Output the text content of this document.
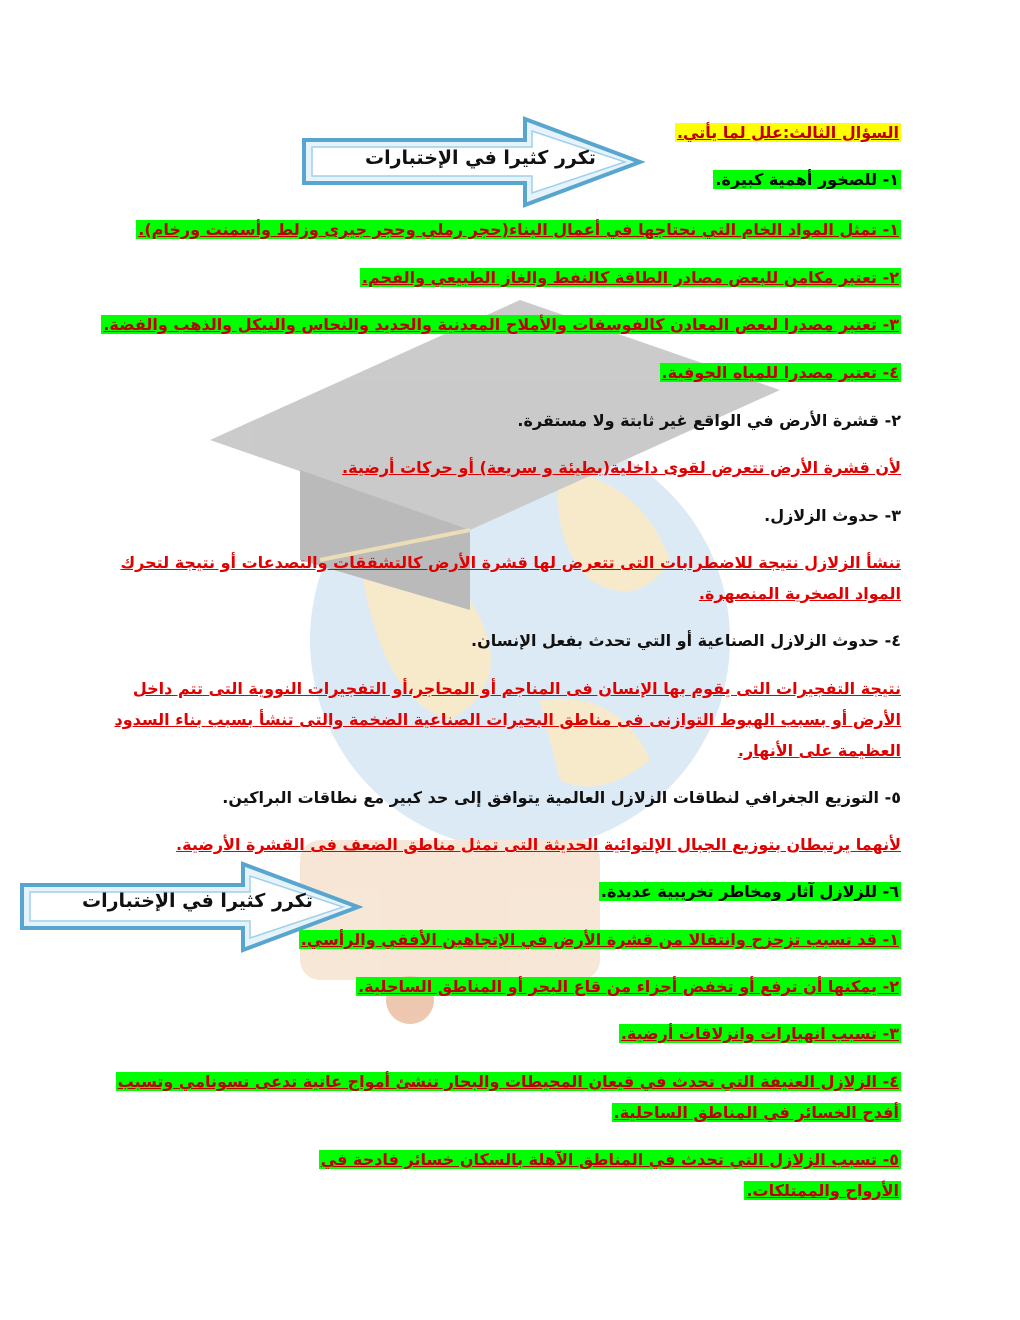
تكرر كثيرا في الإختبارات
تكرر كثيرا في الإختبارات
السؤال الثالث:علل لما يأتي.
١- للصخور أهمية كبيرة.
١- تمثل المواد الخام التي نحتاجها في أعمال البناء(حجر رملي وحجر جيرى وزلط وأسمنت ورخام).
٢- تعتبر مكامن للبعض مصادر الطاقة كالنفط والغاز الطبيعي والفحم.
٣- تعتبر مصدرا لبعض المعادن كالفوسفات والأملاح المعدنية والحديد والنحاس والنيكل والذهب والفضة.
٤- تعتبر مصدرا للمياه الجوفية.
٢- قشرة الأرض في الواقع غير ثابتة ولا مستقرة.
لأن قشرة الأرض تتعرض لقوى داخلية(بطيئة و سريعة) أو حركات أرضية.
٣- حدوث الزلازل.
تنشأ الزلازل نتيجة للاضطرابات التى تتعرض لها قشرة الأرض كالتشققات والتصدعات أو نتيجة لتحرك
المواد الصخرية المنصهرة.
٤- حدوث الزلازل الصناعية أو التي تحدث بفعل الإنسان.
نتيجة التفجيرات التى يقوم بها الإنسان فى المناجم أو المحاجر،أو التفجيرات النووية التى تتم داخل
الأرض أو بسبب الهبوط التوازنى فى مناطق البحيرات الصناعية الضخمة والتى تنشأ بسبب بناء السدود
العظيمة على الأنهار.
٥- التوزيع الجغرافي لنطاقات الزلازل العالمية يتوافق إلى حد كبير مع نطاقات البراكين.
لأنهما يرتبطان بتوزيع الجبال الإلتوائية الحديثة التى تمثل مناطق الضعف فى القشرة الأرضية.
٦- للزلازل آثار ومخاطر تخريبية عديدة.
١- قد تسبب تزحزح وانتقالا من قشرة الأرض في الإتجاهين الأفقي والرأسي.
٢- يمكنها أن ترفع أو تخفض أجزاء من قاع البحر أو المناطق الساحلية.
٣- تسبب انهيارات وانزلاقات أرضية.
٤- الزلازل العنيفة التي تحدث في قيعان المحيطات والبحار تنشئ أمواج عاتية تدعى تسونامي وتسبب
أفدح الخسائر في المناطق الساحلية.
٥- تسبب الزلازل التي تحدث في المناطق الآهلة بالسكان خسائر فادحة في
الأرواح والممتلكات.
